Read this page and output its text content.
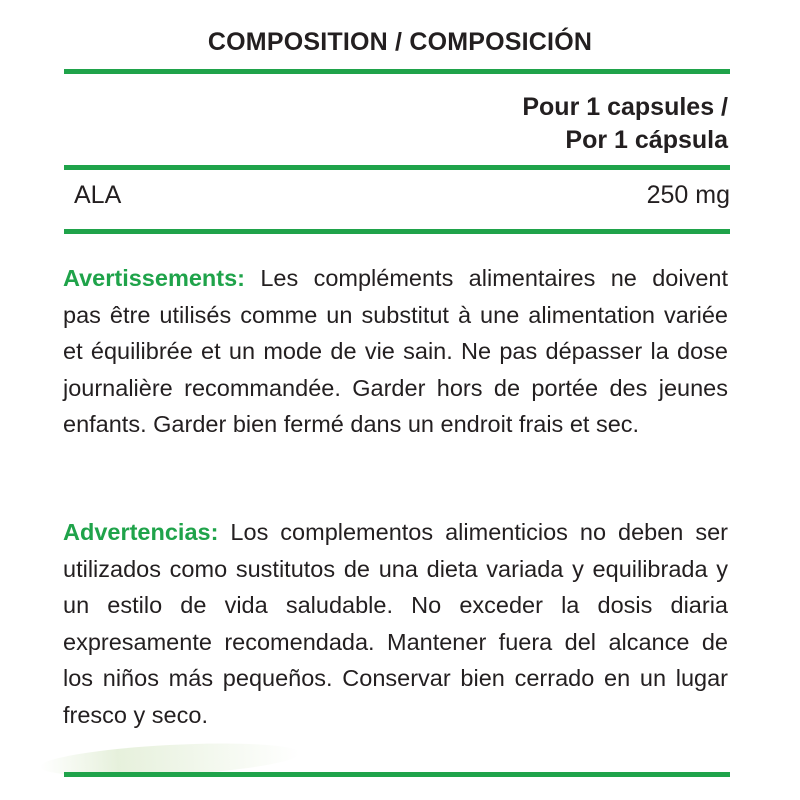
COMPOSITION / COMPOSICIÓN
Pour 1 capsules /
Por 1 cápsula
ALA	250 mg
Avertissements: Les compléments alimentaires ne doivent pas être utilisés comme un substitut à une alimentation variée et équilibrée et un mode de vie sain. Ne pas dépasser la dose journalière recommandée. Garder hors de portée des jeunes enfants. Garder bien fermé dans un endroit frais et sec.
Advertencias: Los complementos alimenticios no deben ser utilizados como sustitutos de una dieta variada y equilibrada y un estilo de vida saludable. No exceder la dosis diaria expresamente recomendada. Mantener fuera del alcance de los niños más pequeños. Conservar bien cerrado en un lugar fresco y seco.
